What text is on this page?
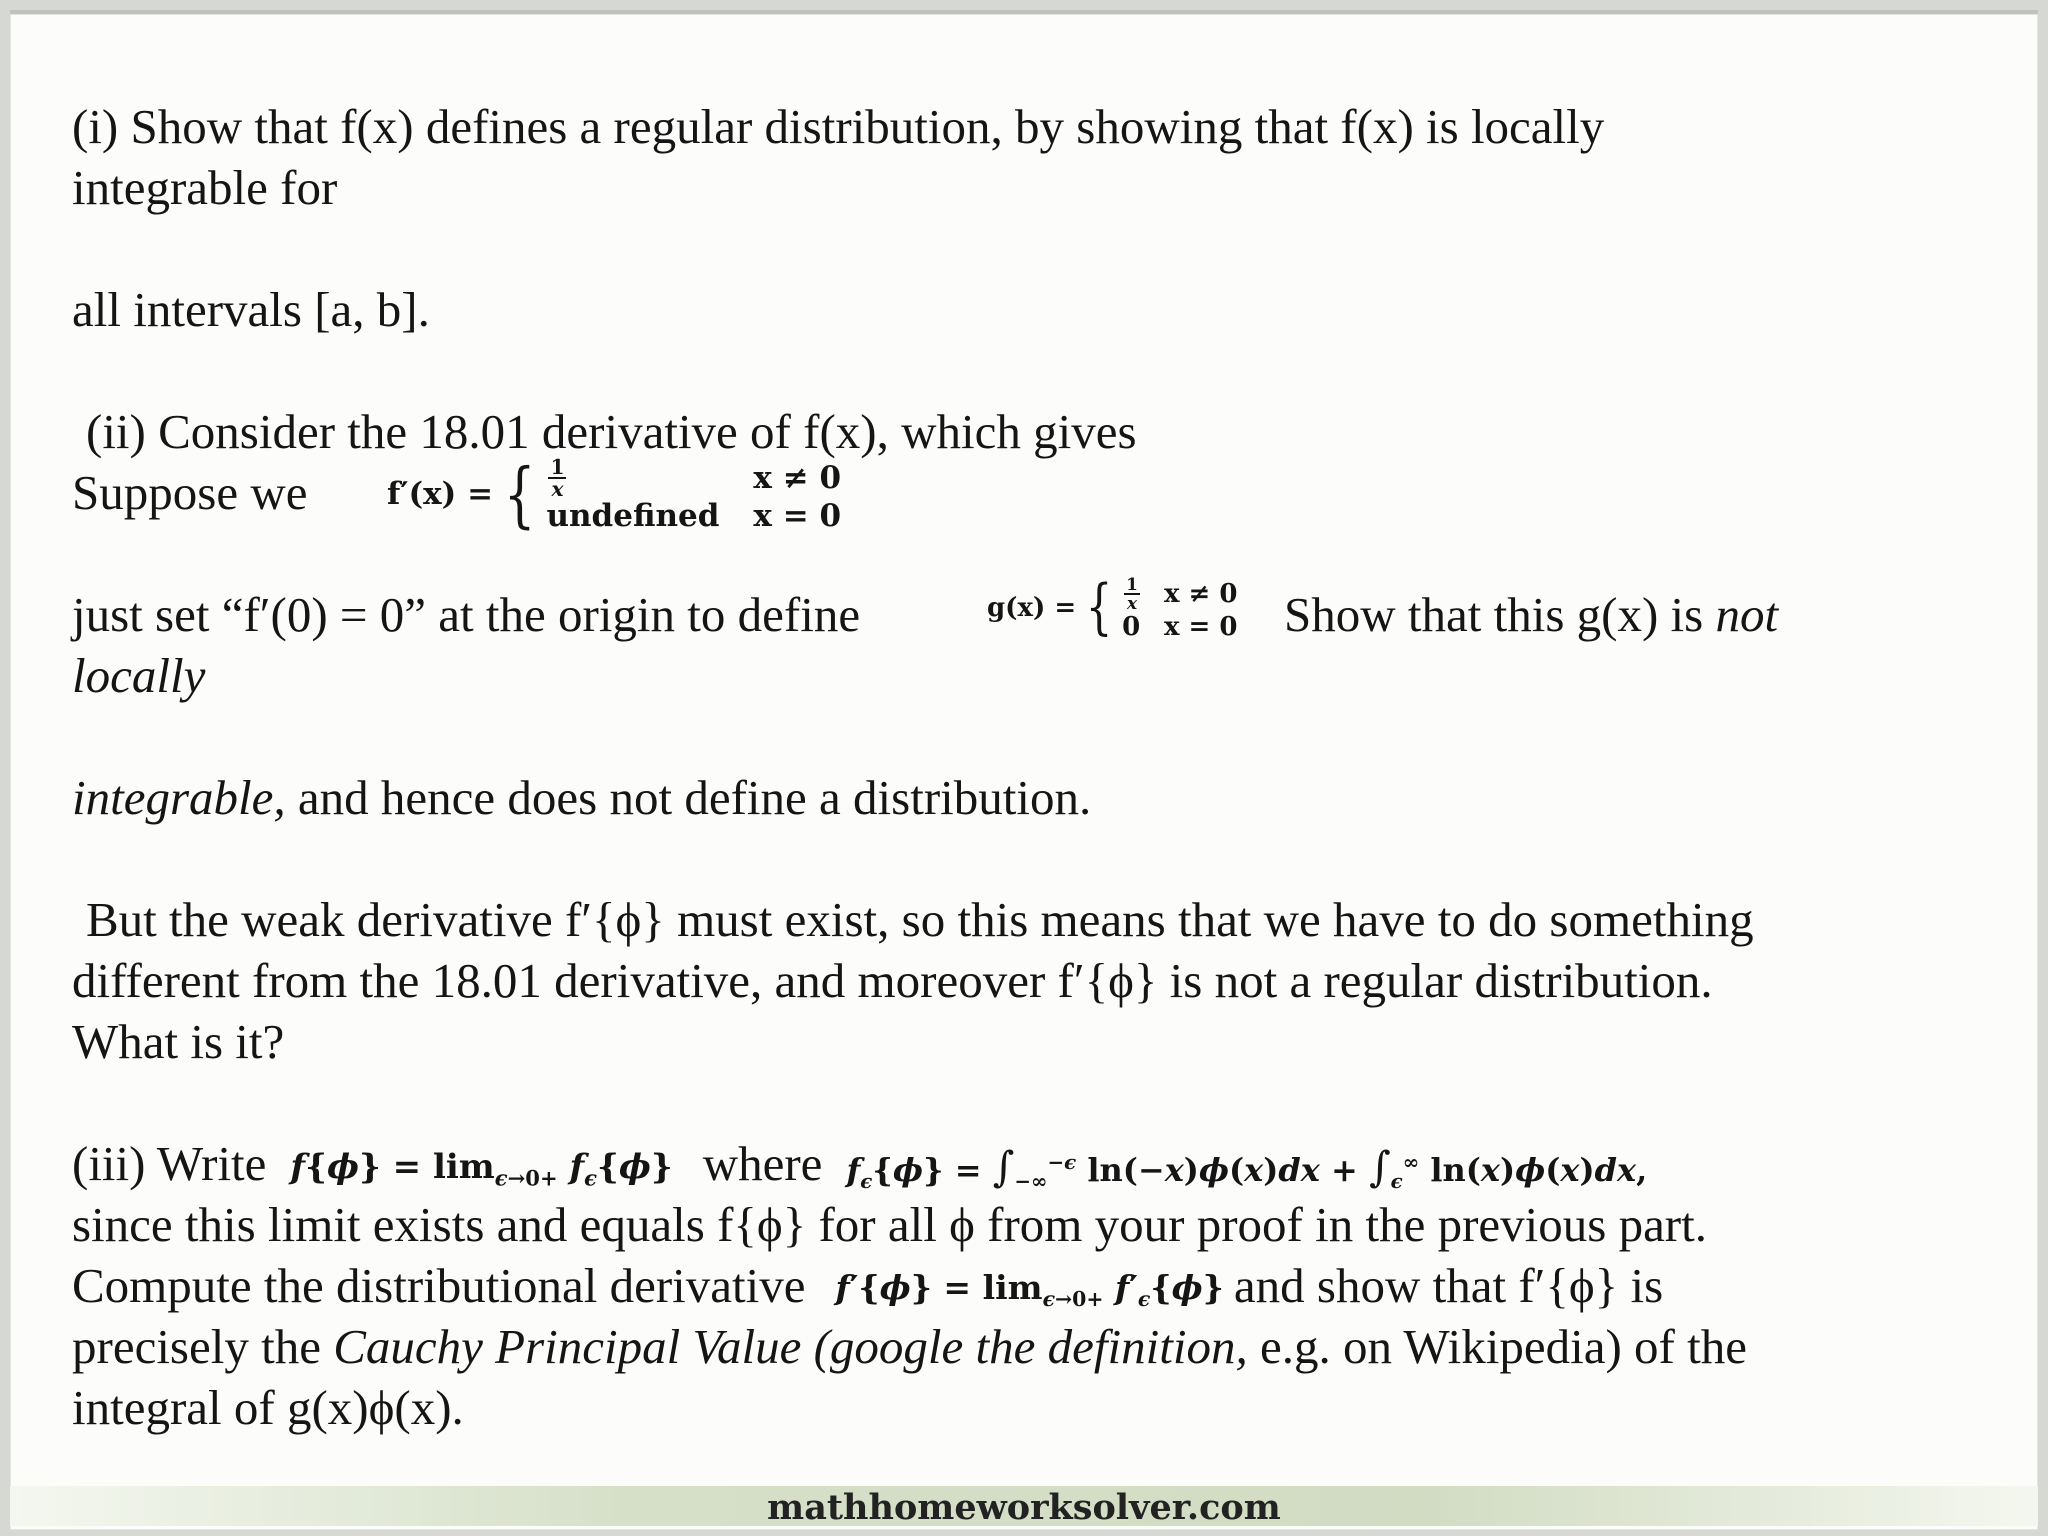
(i) Show that f(x) defines a regular distribution, by showing that f(x) is locally
integrable for
all intervals [a, b].
(ii) Consider the 18.01 derivative of f(x), which gives
Suppose we	f′(x) = { $\frac{1}{x}$	x ≠ 0
undefined x = 0
just set “f′(0) = 0” at the origin to define	g(x) = { $\frac{1}{x}$ x ≠ 0
0 x = 0 Show that this g(x) is not
locally
integrable, and hence does not define a distribution.
But the weak derivative f′{ϕ} must exist, so this means that we have to do something
different from the 18.01 derivative, and moreover f′{ϕ} is not a regular distribution.
What is it?
(iii) Write $f\{\phi\} = \lim_{\epsilon\to 0+} f_\epsilon\{\phi\}$ where $f_\epsilon\{\phi\} = \int_{-\infty}^{-\epsilon}$ $\ln(-x)\phi(x)dx + \int_\epsilon^\infty$ ln(x)ϕ(x)dx,
since this limit exists and equals f{ϕ} for all ϕ from your proof in the previous part.
Compute the distributional derivative $f'\{\phi\} = \lim_{\epsilon\to 0+} f'_\epsilon\{\phi\}$ and show that f′{ϕ} is
precisely the Cauchy Principal Value (google the definition, e.g. on Wikipedia) of the
integral of g(x)ϕ(x).
mathhomeworksolver.com
